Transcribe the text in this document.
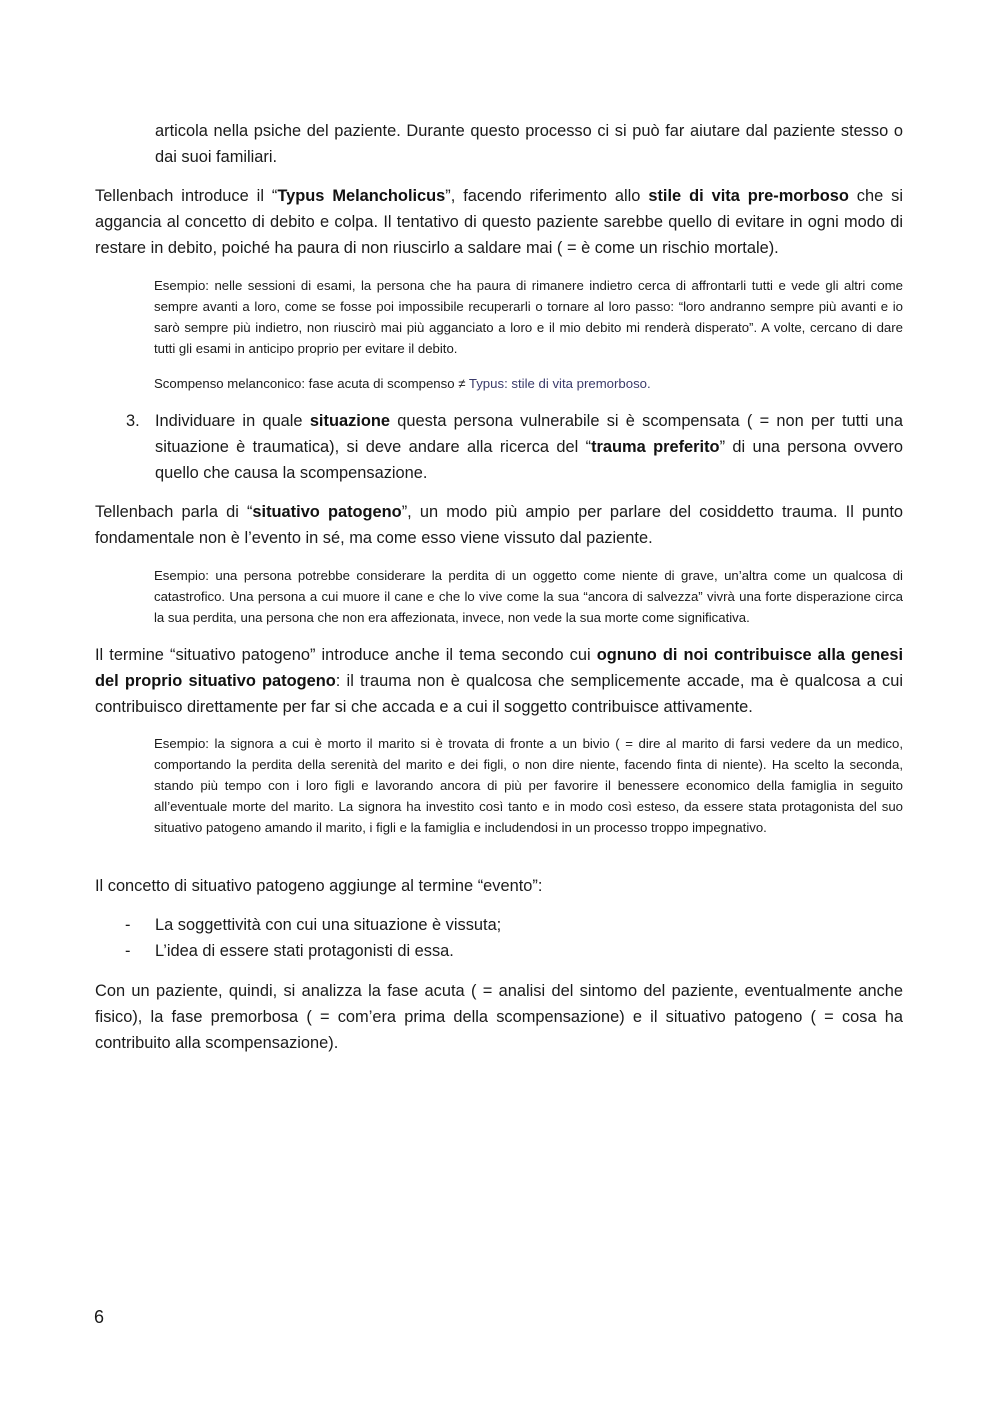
articola nella psiche del paziente. Durante questo processo ci si può far aiutare dal paziente stesso o dai suoi familiari.

Tellenbach introduce il “Typus Melancholicus”, facendo riferimento allo stile di vita pre-morboso che si aggancia al concetto di debito e colpa. Il tentativo di questo paziente sarebbe quello di evitare in ogni modo di restare in debito, poiché ha paura di non riuscirlo a saldare mai ( = è come un rischio mortale).

Esempio: nelle sessioni di esami, la persona che ha paura di rimanere indietro cerca di affrontarli tutti e vede gli altri come sempre avanti a loro, come se fosse poi impossibile recuperarli o tornare al loro passo: “loro andranno sempre più avanti e io sarò sempre più indietro, non riuscirò mai più agganciato a loro e il mio debito mi renderà disperato”. A volte, cercano di dare tutti gli esami in anticipo proprio per evitare il debito.

Scompenso melanconico: fase acuta di scompenso ≠ Typus: stile di vita premorboso.

3. Individuare in quale situazione questa persona vulnerabile si è scompensata ( = non per tutti una situazione è traumatica), si deve andare alla ricerca del “trauma preferito” di una persona ovvero quello che causa la scompensazione.

Tellenbach parla di “situativo patogeno”, un modo più ampio per parlare del cosiddetto trauma. Il punto fondamentale non è l’evento in sé, ma come esso viene vissuto dal paziente.

Esempio: una persona potrebbe considerare la perdita di un oggetto come niente di grave, un’altra come un qualcosa di catastrofico. Una persona a cui muore il cane e che lo vive come la sua “ancora di salvezza” vivrà una forte disperazione circa la sua perdita, una persona che non era affezionata, invece, non vede la sua morte come significativa.

Il termine “situativo patogeno” introduce anche il tema secondo cui ognuno di noi contribuisce alla genesi del proprio situativo patogeno: il trauma non è qualcosa che semplicemente accade, ma è qualcosa a cui contribuisco direttamente per far si che accada e a cui il soggetto contribuisce attivamente.

Esempio: la signora a cui è morto il marito si è trovata di fronte a un bivio ( = dire al marito di farsi vedere da un medico, comportando la perdita della serenità del marito e dei figli, o non dire niente, facendo finta di niente). Ha scelto la seconda, stando più tempo con i loro figli e lavorando ancora di più per favorire il benessere economico della famiglia in seguito all’eventuale morte del marito. La signora ha investito così tanto e in modo così esteso, da essere stata protagonista del suo situativo patogeno amando il marito, i figli e la famiglia e includendosi in un processo troppo impegnativo.

Il concetto di situativo patogeno aggiunge al termine “evento”:

- La soggettività con cui una situazione è vissuta;
- L’idea di essere stati protagonisti di essa.

Con un paziente, quindi, si analizza la fase acuta ( = analisi del sintomo del paziente, eventualmente anche fisico), la fase premorbosa ( = com’era prima della scompensazione) e il situativo patogeno ( = cosa ha contribuito alla scompensazione).

6
